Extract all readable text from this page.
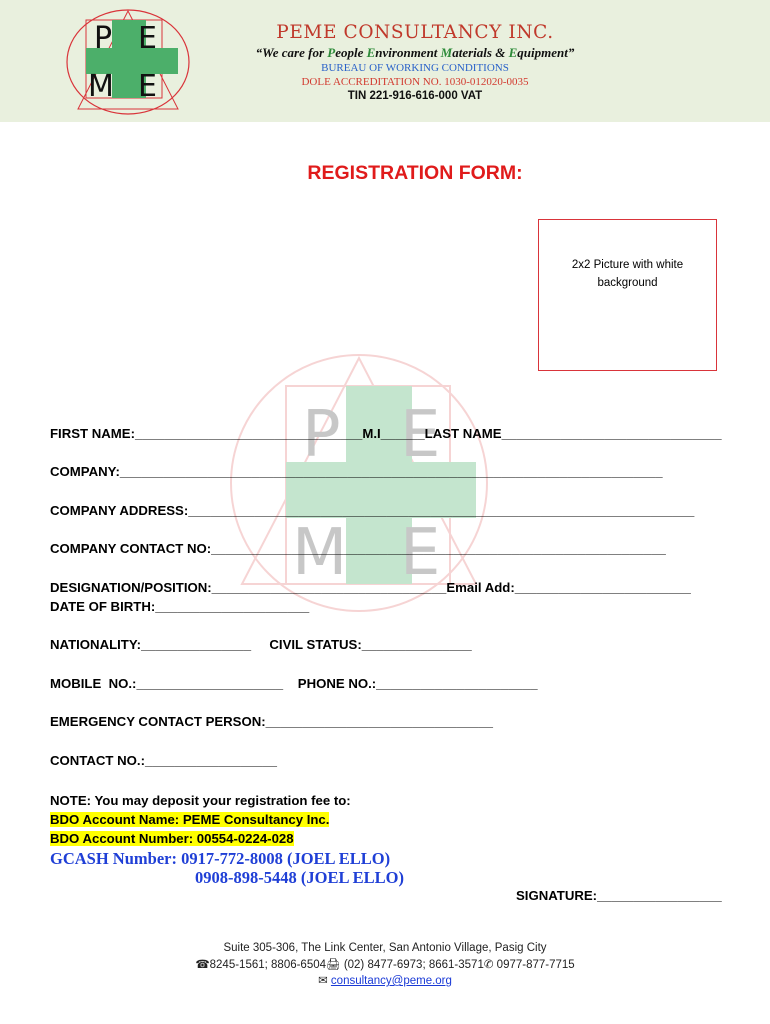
P E
M E
PEME CONSULTANCY INC.
“We care for People Environment Materials & Equipment”
BUREAU OF WORKING CONDITIONS
DOLE ACCREDITATION NO. 1030-012020-0035
TIN 221-916-616-000 VAT
P E
M E
REGISTRATION FORM:
2x2 Picture with white background
FIRST NAME:_______________________________M.I______LAST NAME______________________________
COMPANY:__________________________________________________________________________
COMPANY ADDRESS:_____________________________________________________________________
COMPANY CONTACT NO:______________________________________________________________
DESIGNATION/POSITION:________________________________Email Add:________________________
DATE OF BIRTH:_____________________
NATIONALITY:_______________     CIVIL STATUS:_______________
MOBILE  NO.:____________________    PHONE NO.:______________________
EMERGENCY CONTACT PERSON:_______________________________
CONTACT NO.:__________________
NOTE: You may deposit your registration fee to:
BDO Account Name: PEME Consultancy Inc.
BDO Account Number: 00554-0224-028
GCASH Number: 0917-772-8008 (JOEL ELLO)
0908-898-5448 (JOEL ELLO)
SIGNATURE:_________________
Suite 305-306, The Link Center, San Antonio Village, Pasig City
☎8245-1561; 8806-6504🖨 (02) 8477-6973; 8661-3571✆ 0977-877-7715
✉ consultancy@peme.org
